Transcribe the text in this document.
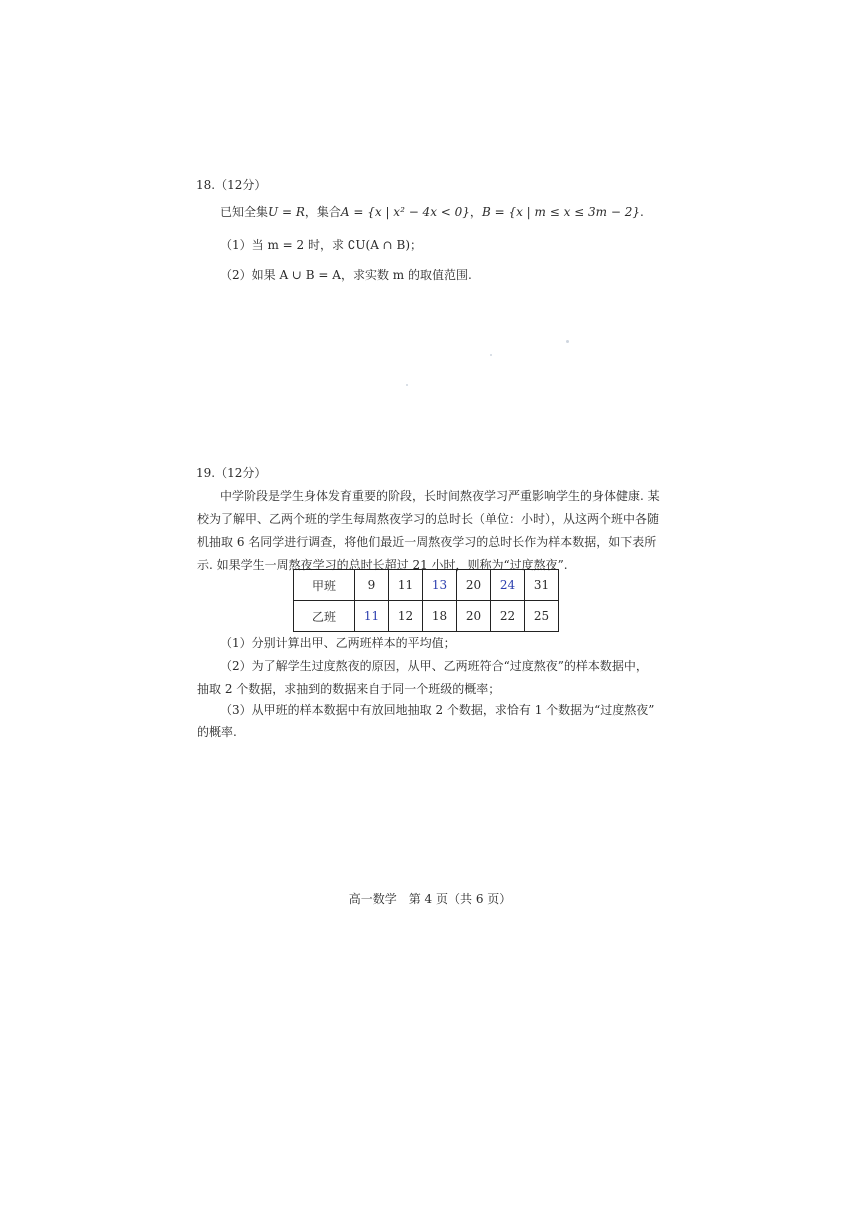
18.（12分）
已知全集U = R，集合A = {x | x² − 4x < 0}，B = {x | m ≤ x ≤ 3m − 2}.
（1）当 m = 2 时，求 ∁U(A ∩ B)；
（2）如果 A ∪ B = A，求实数 m 的取值范围.
19.（12分）
中学阶段是学生身体发育重要的阶段，长时间熬夜学习严重影响学生的身体健康. 某
校为了解甲、乙两个班的学生每周熬夜学习的总时长（单位：小时），从这两个班中各随
机抽取 6 名同学进行调查，将他们最近一周熬夜学习的总时长作为样本数据，如下表所
示. 如果学生一周熬夜学习的总时长超过 21 小时，则称为“过度熬夜”.
甲班	9	11	13	20	24	31
乙班	11	12	18	20	22	25
（1）分别计算出甲、乙两班样本的平均值；
（2）为了解学生过度熬夜的原因，从甲、乙两班符合“过度熬夜”的样本数据中，
抽取 2 个数据，求抽到的数据来自于同一个班级的概率；
（3）从甲班的样本数据中有放回地抽取 2 个数据，求恰有 1 个数据为“过度熬夜”
的概率.
高一数学　第 4 页（共 6 页）
